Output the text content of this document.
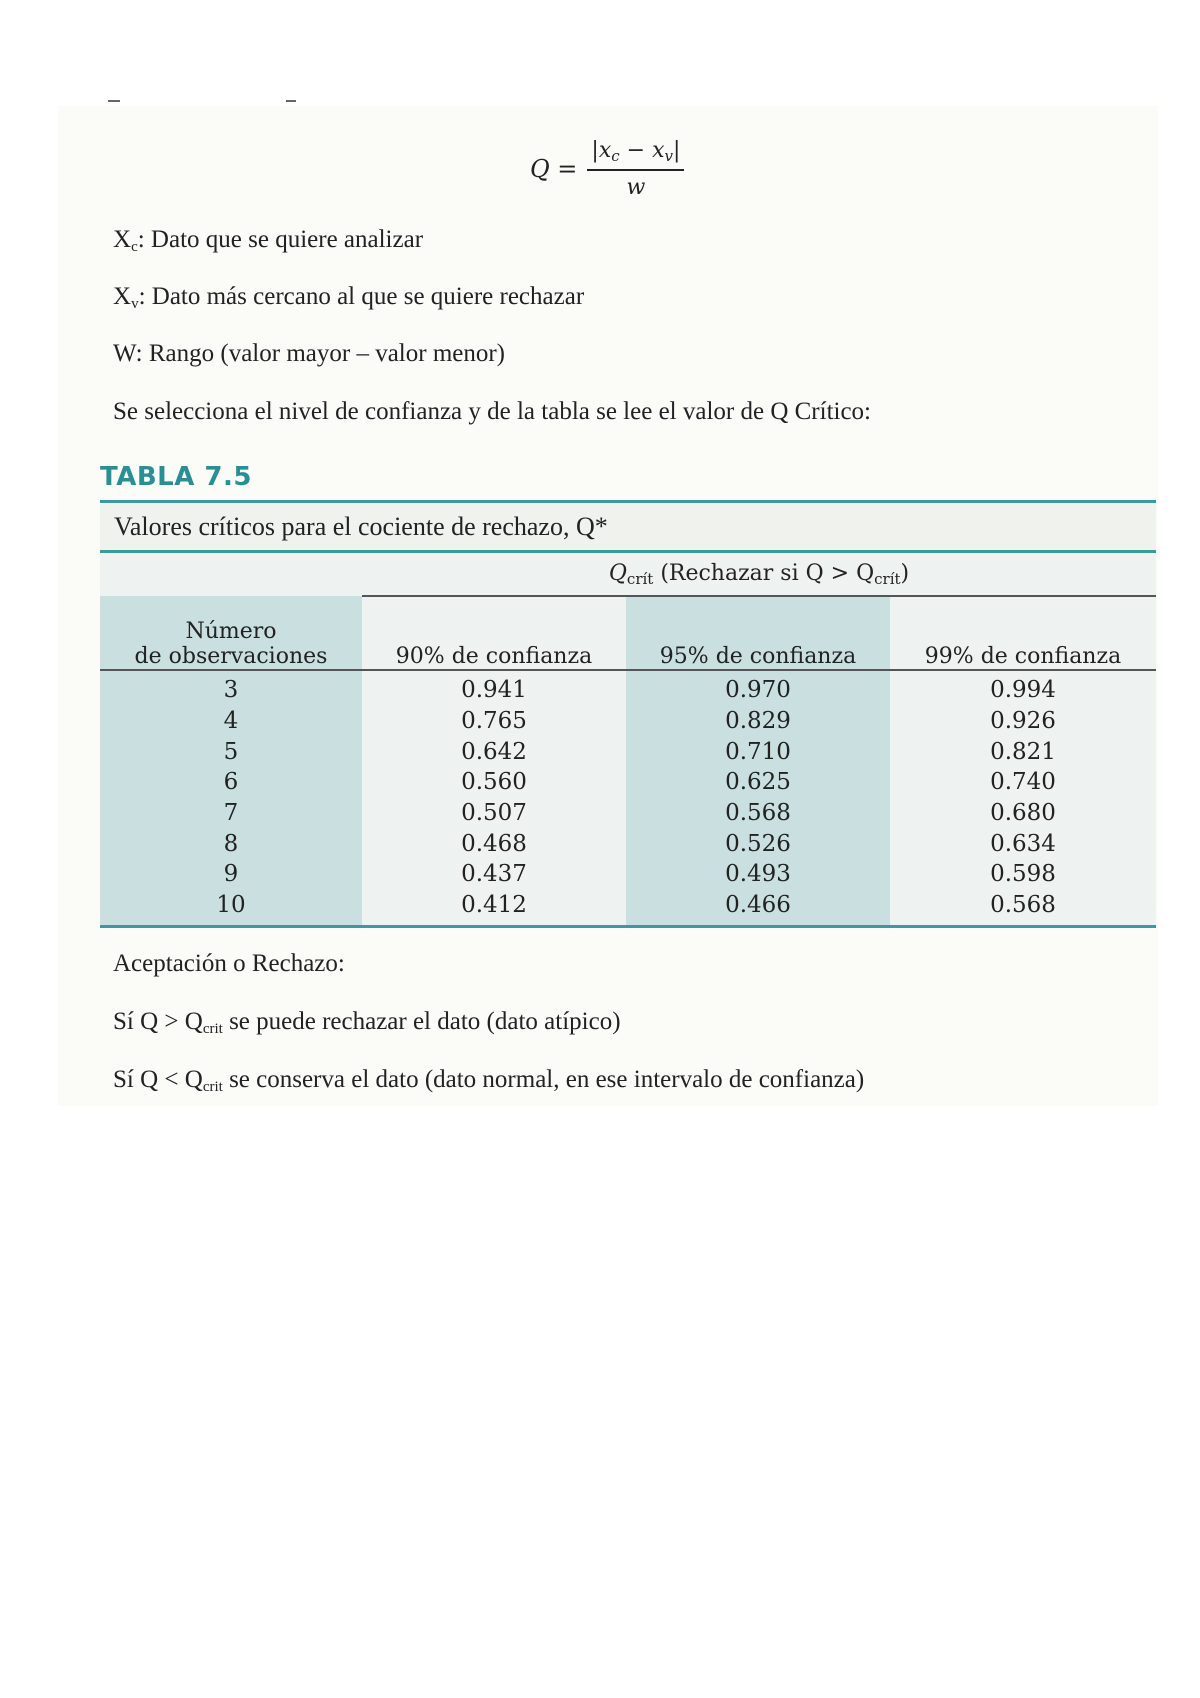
$Q = \frac{|x_c - x_v|}{w}$
$X_c$: Dato que se quiere analizar
$X_v$: Dato más cercano al que se quiere rechazar
W: Rango (valor mayor – valor menor)
Se selecciona el nivel de confianza y de la tabla se lee el valor de Q Crítico:
TABLA 7.5
Valores críticos para el cociente de rechazo, Q*
	$Q_{crít}$ (Rechazar si $Q > Q_{crít}$)		
Número
de observaciones	90% de confianza	95% de confianza	99% de confianza
3	0.941	0.970	0.994
4	0.765	0.829	0.926
5	0.642	0.710	0.821
6	0.560	0.625	0.740
7	0.507	0.568	0.680
8	0.468	0.526	0.634
9	0.437	0.493	0.598
10	0.412	0.466	0.568
Aceptación o Rechazo:
Sí $Q > Q_{crit}$ se puede rechazar el dato (dato atípico)
Sí $Q < Q_{crit}$ se conserva el dato (dato normal, en ese intervalo de confianza)
